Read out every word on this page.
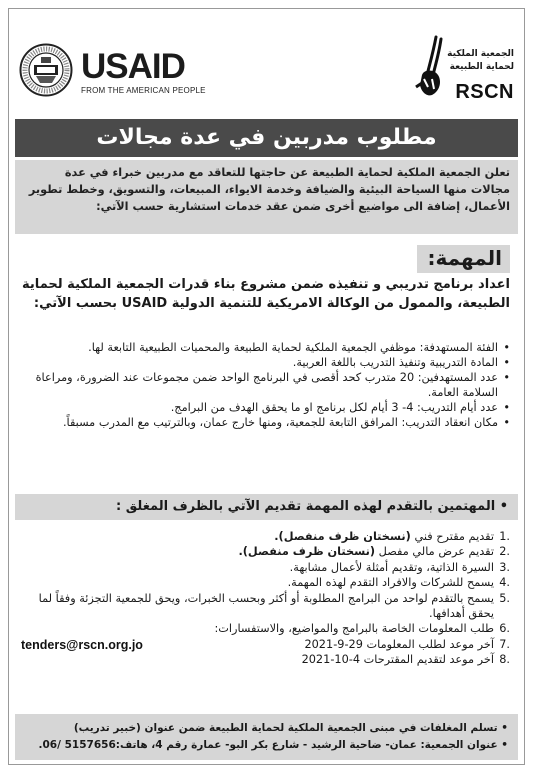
USAID
FROM THE AMERICAN PEOPLE
الجمعية الملكية
لحماية الطبيعة
RSCN
مطلوب مدربين في عدة مجالات
تعلن الجمعية الملكية لحماية الطبيعة عن حاجتها للتعاقد مع مدربين خبراء في عدة مجالات منها السياحة البيئية والضيافة وخدمة الايواء، المبيعات، والتسويق، وخطط تطوير الأعمال، إضافة الى مواضيع أخرى ضمن عقد خدمات استشارية حسب الآتي:
المهمة:
اعداد برنامج تدريبي و تنفيذه ضمن مشروع بناء قدرات الجمعية الملكية لحماية الطبيعة، والممول من الوكالة الامريكية للتنمية الدولية USAID بحسب الآتي:
•
الفئة المستهدفة: موظفي الجمعية الملكية لحماية الطبيعة والمحميات الطبيعية التابعة لها.
•
المادة التدريبية وتنفيذ التدريب باللغة العربية.
•
عدد المستهدفين: 20 متدرب كحد أقصى في البرنامج الواحد ضمن مجموعات عند الضرورة، ومراعاة السلامة العامة.
•
عدد أيام التدريب: 4- 3 أيام لكل برنامج او ما يحقق الهدف من البرامج.
•
مكان انعقاد التدريب: المرافق التابعة للجمعية، ومنها خارج عمان، وبالترتيب مع المدرب مسبقاً.
• المهتمين بالتقدم لهذه المهمة تقديم الآتي بالظرف المغلق :
.1
تقديم مقترح فني (نسختان ظرف منفصل).
.2
تقديم عرض مالي مفصل (نسختان ظرف منفصل).
.3
السيرة الذاتية، وتقديم أمثلة لأعمال مشابهة.
.4
يسمح للشركات والافراد التقدم لهذه المهمة.
.5
يسمح بالتقدم لواحد من البرامج المطلوبة أو أكثر وبحسب الخبرات، ويحق للجمعية التجزئة وفقاً لما يحقق أهدافها.
.6
طلب المعلومات الخاصة بالبرامج والمواضيع، والاستفسارات:
.7
آخر موعد لطلب المعلومات 29-9-2021
.8
آخر موعد لتقديم المقترحات 4-10-2021
tenders@rscn.org.jo
• تسلم المغلفات في مبنى الجمعية الملكية لحماية الطبيعة ضمن عنوان (خبير تدريب)
• عنوان الجمعية: عمان- ضاحية الرشيد - شارع بكر البو- عمارة رقم 4، هاتف:5157656 /06.
